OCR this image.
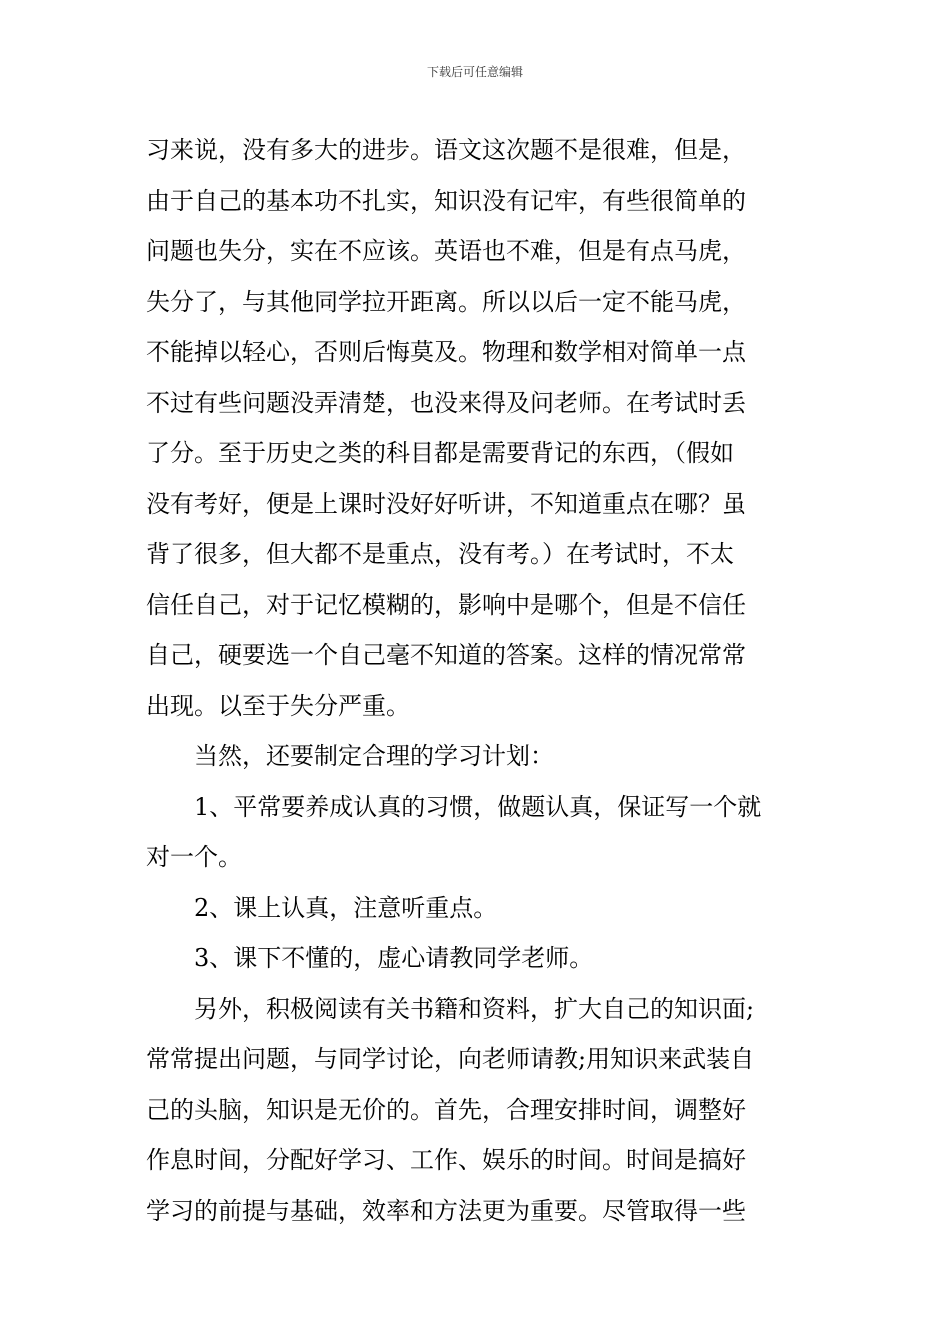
下载后可任意编辑
习来说，没有多大的进步。语文这次题不是很难，但是，
由于自己的基本功不扎实，知识没有记牢，有些很简单的
问题也失分，实在不应该。英语也不难，但是有点马虎，
失分了，与其他同学拉开距离。所以以后一定不能马虎，
不能掉以轻心，否则后悔莫及。物理和数学相对简单一点
不过有些问题没弄清楚，也没来得及问老师。在考试时丢
了分。至于历史之类的科目都是需要背记的东西，（假如
没有考好，便是上课时没好好听讲，不知道重点在哪？虽
背了很多，但大都不是重点，没有考。）在考试时，不太
信任自己，对于记忆模糊的，影响中是哪个，但是不信任
自己，硬要选一个自己毫不知道的答案。这样的情况常常
出现。以至于失分严重。
当然，还要制定合理的学习计划：
1、平常要养成认真的习惯，做题认真，保证写一个就
对一个。
2、课上认真，注意听重点。
3、课下不懂的，虚心请教同学老师。
另外，积极阅读有关书籍和资料，扩大自己的知识面;
常常提出问题，与同学讨论，向老师请教;用知识来武装自
己的头脑，知识是无价的。首先，合理安排时间，调整好
作息时间，分配好学习、工作、娱乐的时间。时间是搞好
学习的前提与基础，效率和方法更为重要。尽管取得一些
